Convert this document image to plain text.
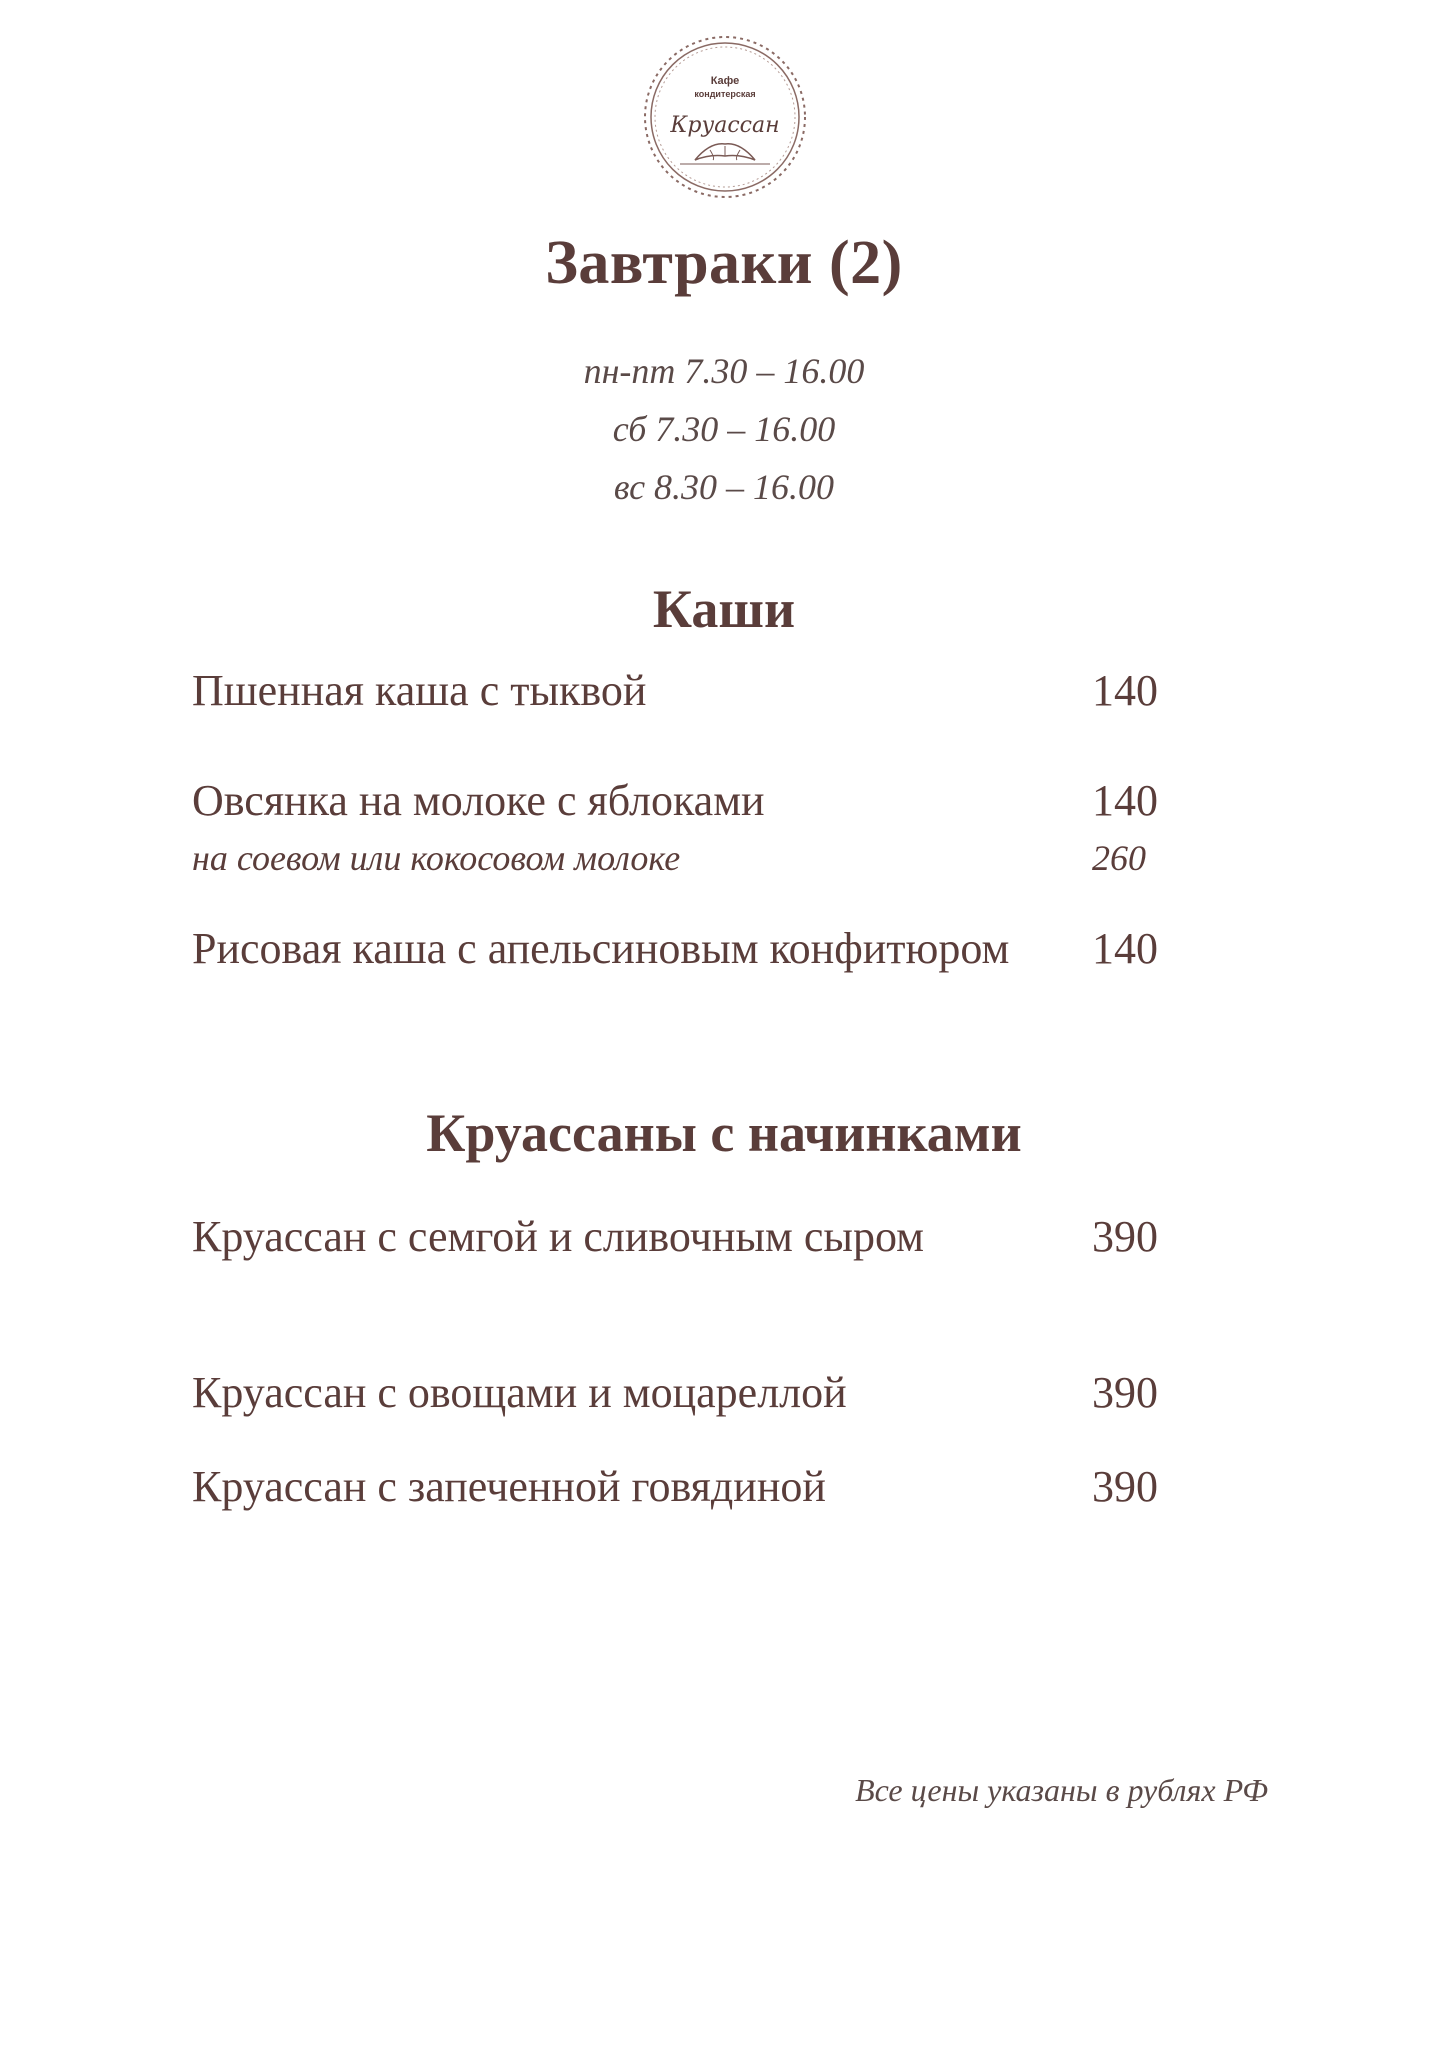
Кафе
кондитерская
Круассан
Завтраки (2)
пн-пт 7.30 – 16.00
сб 7.30 – 16.00
вс 8.30 – 16.00
Каши
Пшенная каша с тыквой	140
Овсянка на молоке с яблоками	140
на соевом или кокосовом молоке	260
Рисовая каша с апельсиновым конфитюром 140
Круассаны с начинками
Круассан с семгой и сливочным сыром	390
Круассан с овощами и моцареллой	390
Круассан с запеченной говядиной	390
Все цены указаны в рублях РФ
